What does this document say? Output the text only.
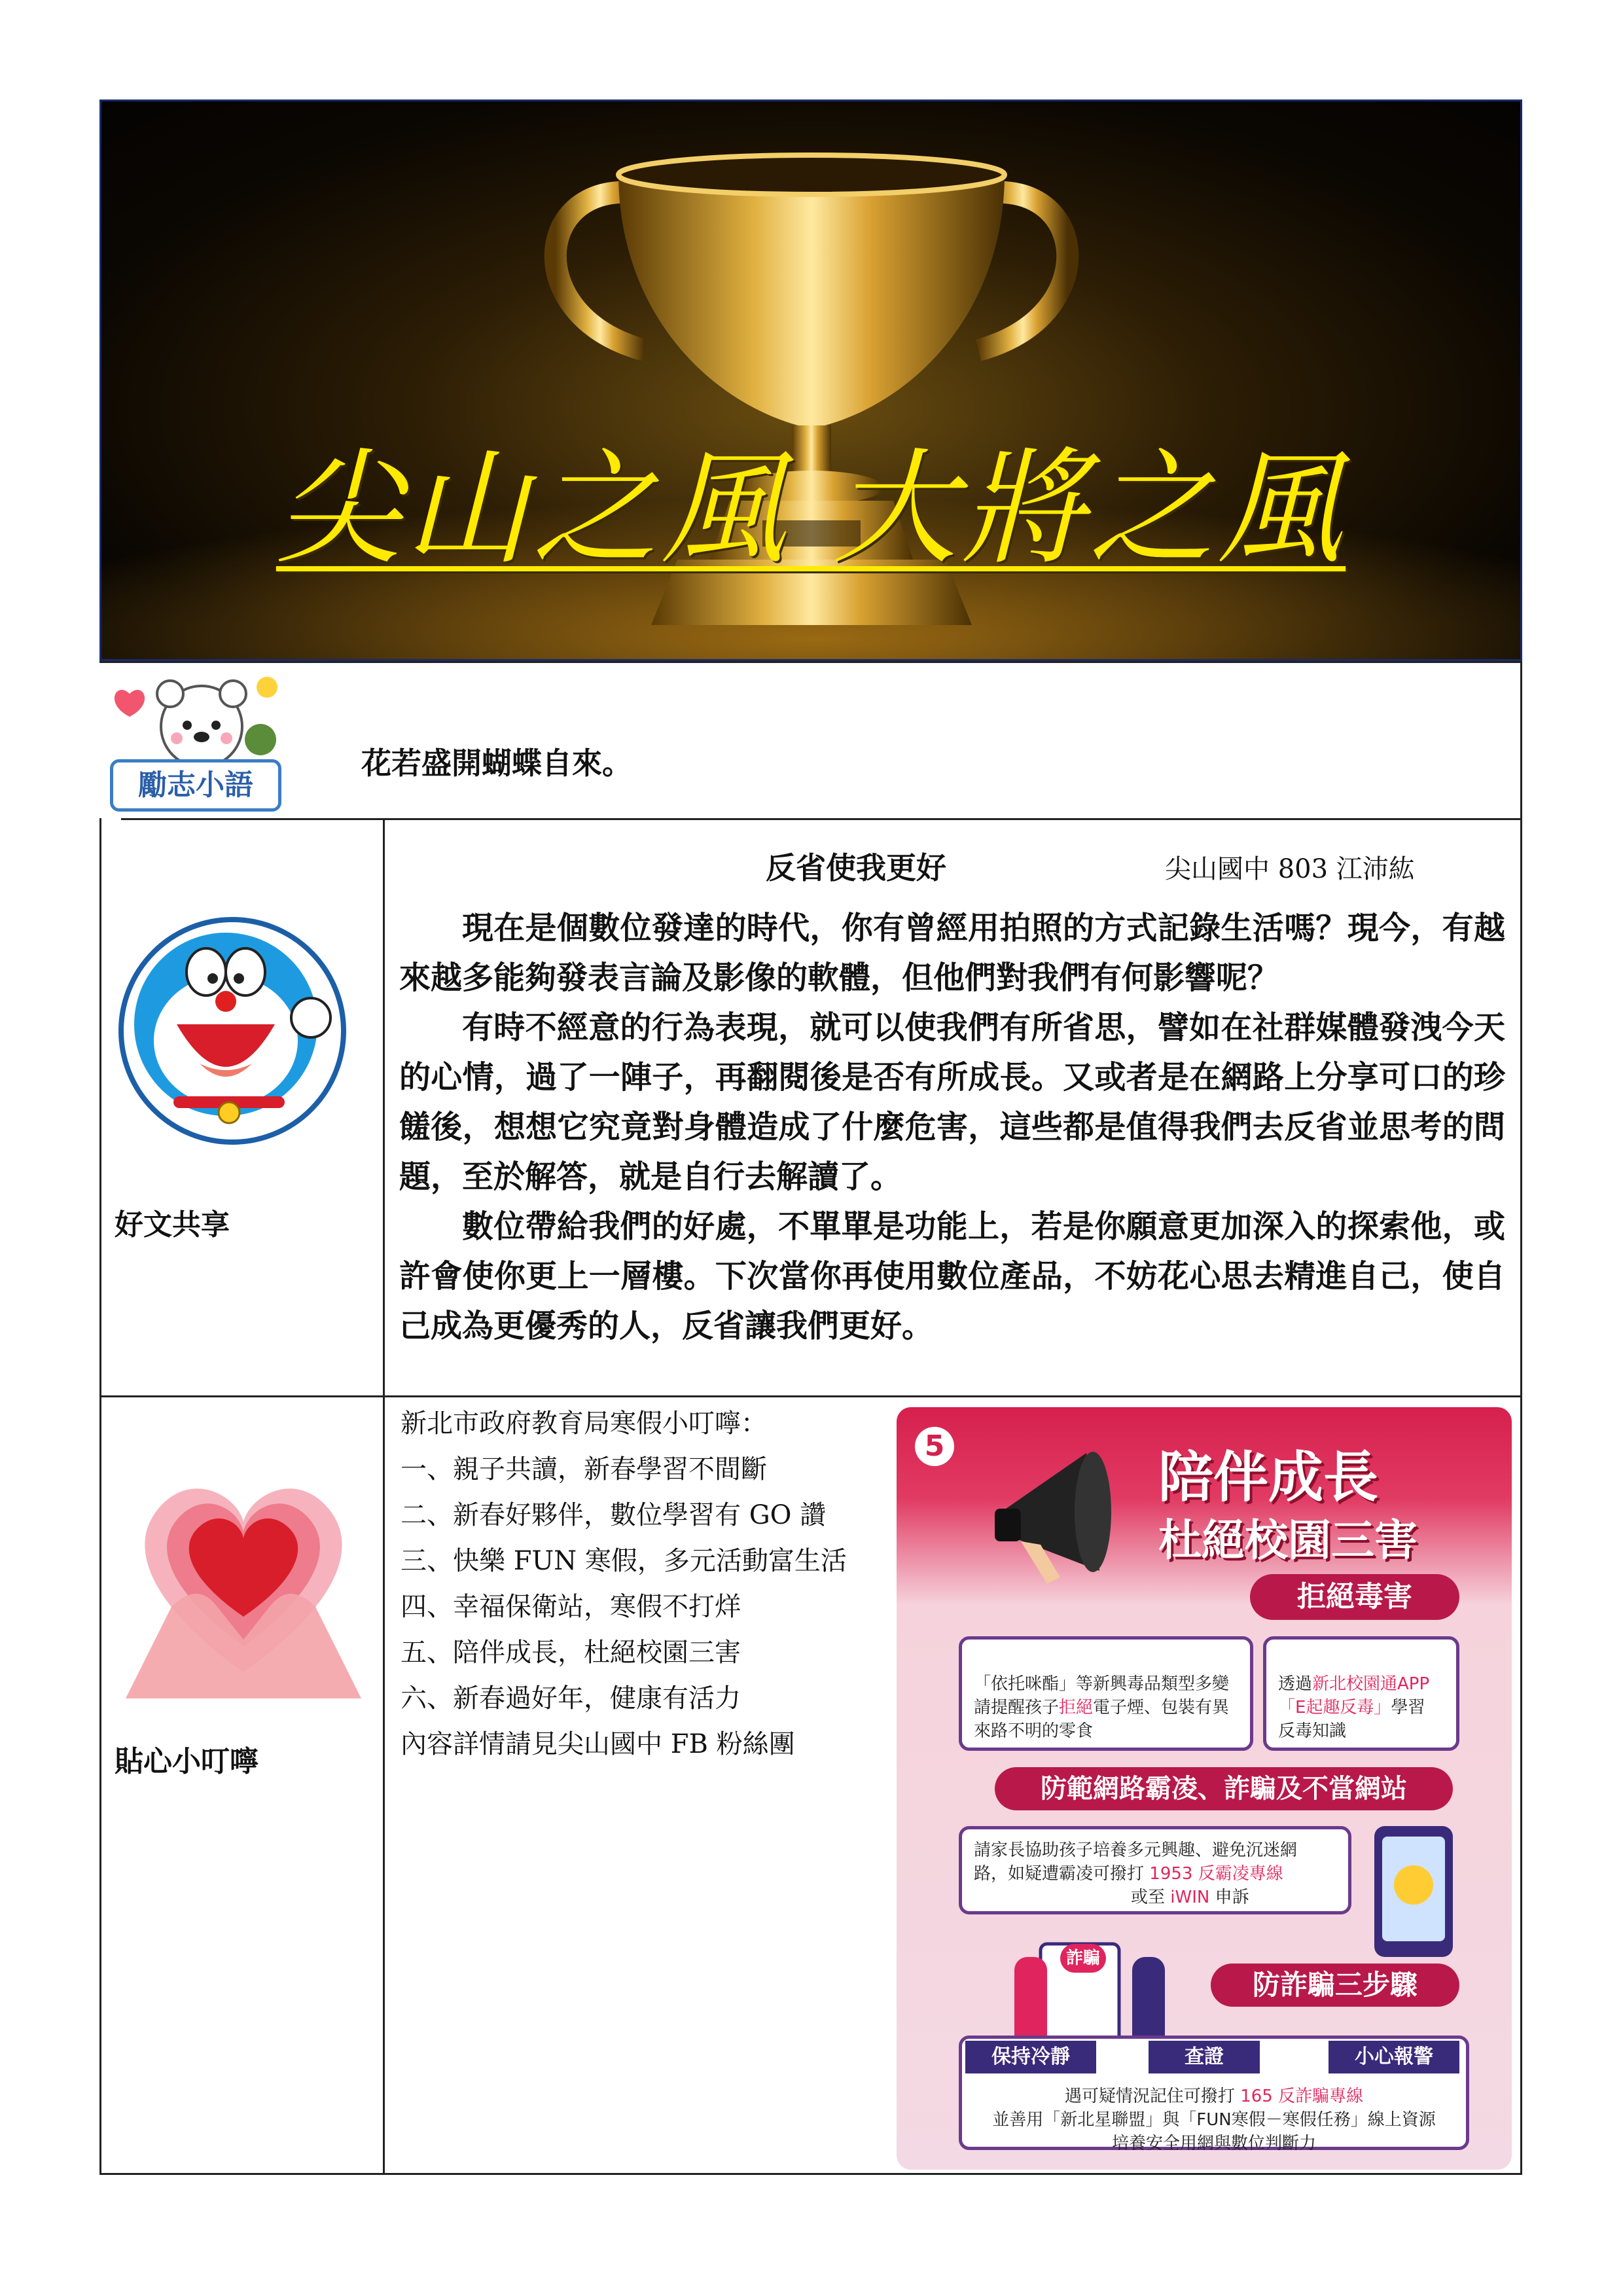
尖山之風 大將之風
勵志小語
花若盛開蝴蝶自來。
好文共享
反省使我更好	尖山國中 803 江沛紘

現在是個數位發達的時代，你有曾經用拍照的方式記錄生活嗎？現今，有越來越多能夠發表言論及影像的軟體，但他們對我們有何影響呢？

有時不經意的行為表現，就可以使我們有所省思，譬如在社群媒體發洩今天的心情，過了一陣子，再翻閱後是否有所成長。又或者是在網路上分享可口的珍饈後，想想它究竟對身體造成了什麼危害，這些都是值得我們去反省並思考的問題，至於解答，就是自行去解讀了。

數位帶給我們的好處，不單單是功能上，若是你願意更加深入的探索他，或許會使你更上一層樓。下次當你再使用數位產品，不妨花心思去精進自己，使自己成為更優秀的人，反省讓我們更好。

貼心小叮嚀
新北市政府教育局寒假小叮嚀：
一、親子共讀，新春學習不間斷
二、新春好夥伴，數位學習有 GO 讚
三、快樂 FUN 寒假，多元活動富生活
四、幸福保衛站，寒假不打烊
五、陪伴成長，杜絕校園三害
六、新春過好年，健康有活力
內容詳情請見尖山國中 FB 粉絲團
5	陪伴成長
杜絕校園三害
拒絕毒害
「依托咪酯」等新興毒品類型多變
請提醒孩子拒絕電子煙、包裝有異
來路不明的零食
透過新北校園通APP
「E起趣反毒」學習
反毒知識
防範網路霸凌、詐騙及不當網站
請家長協助孩子培養多元興趣、避免沉迷網
路，如疑遭霸凌可撥打 1953 反霸凌專線
或至 iWIN 申訴
詐騙
防詐騙三步驟
遇可疑情況記住可撥打 165 反詐騙專線
並善用「新北星聯盟」與「FUN寒假－寒假任務」線上資源
培養安全用網與數位判斷力
保持冷靜	查證	小心報警
